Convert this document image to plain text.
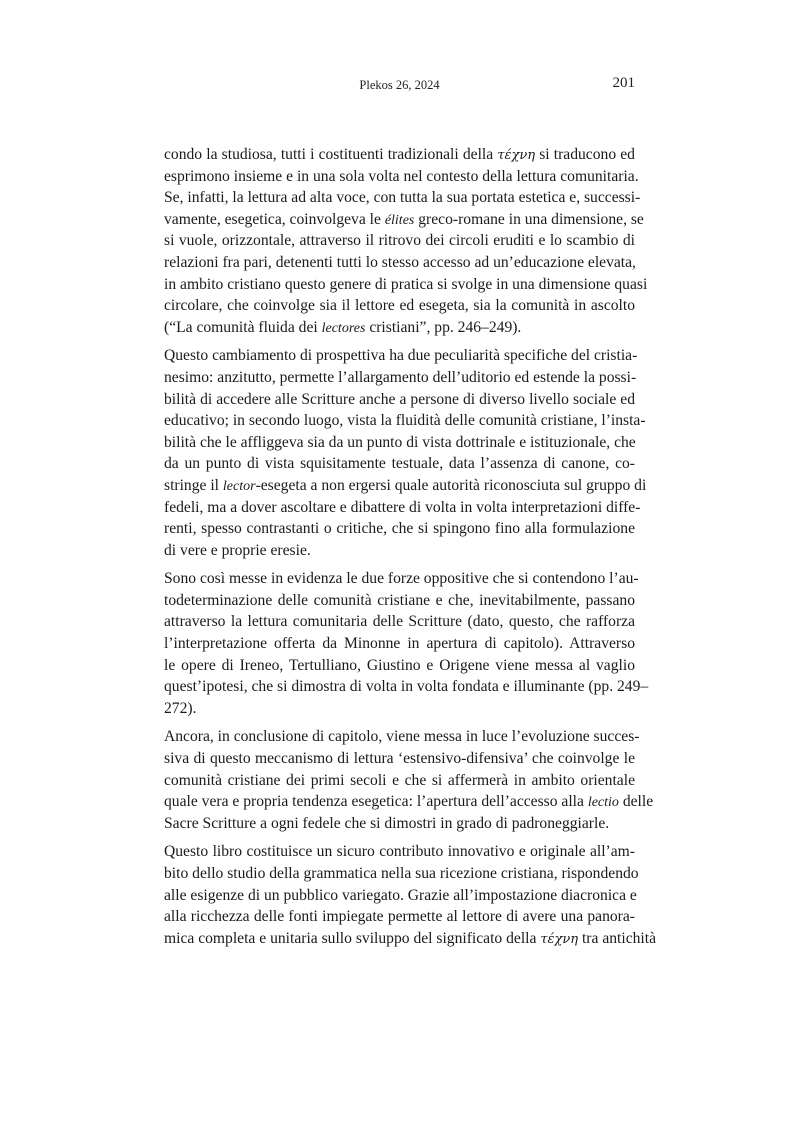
Plekos 26, 2024	201
condo la studiosa, tutti i costituenti tradizionali della τέχνη si traducono ed
esprimono insieme e in una sola volta nel contesto della lettura comunitaria.
Se, infatti, la lettura ad alta voce, con tutta la sua portata estetica e, successi-
vamente, esegetica, coinvolgeva le élites greco-romane in una dimensione, se
si vuole, orizzontale, attraverso il ritrovo dei circoli eruditi e lo scambio di
relazioni fra pari, detenenti tutti lo stesso accesso ad un’educazione elevata,
in ambito cristiano questo genere di pratica si svolge in una dimensione quasi
circolare, che coinvolge sia il lettore ed esegeta, sia la comunità in ascolto
(“La comunità fluida dei lectores cristiani”, pp. 246–249).
Questo cambiamento di prospettiva ha due peculiarità specifiche del cristia-
nesimo: anzitutto, permette l’allargamento dell’uditorio ed estende la possi-
bilità di accedere alle Scritture anche a persone di diverso livello sociale ed
educativo; in secondo luogo, vista la fluidità delle comunità cristiane, l’insta-
bilità che le affliggeva sia da un punto di vista dottrinale e istituzionale, che
da un punto di vista squisitamente testuale, data l’assenza di canone, co-
stringe il lector-esegeta a non ergersi quale autorità riconosciuta sul gruppo di
fedeli, ma a dover ascoltare e dibattere di volta in volta interpretazioni diffe-
renti, spesso contrastanti o critiche, che si spingono fino alla formulazione
di vere e proprie eresie.
Sono così messe in evidenza le due forze oppositive che si contendono l’au-
todeterminazione delle comunità cristiane e che, inevitabilmente, passano
attraverso la lettura comunitaria delle Scritture (dato, questo, che rafforza
l’interpretazione offerta da Minonne in apertura di capitolo). Attraverso
le opere di Ireneo, Tertulliano, Giustino e Origene viene messa al vaglio
quest’ipotesi, che si dimostra di volta in volta fondata e illuminante (pp. 249–
272).
Ancora, in conclusione di capitolo, viene messa in luce l’evoluzione succes-
siva di questo meccanismo di lettura ‘estensivo-difensiva’ che coinvolge le
comunità cristiane dei primi secoli e che si affermerà in ambito orientale
quale vera e propria tendenza esegetica: l’apertura dell’accesso alla lectio delle
Sacre Scritture a ogni fedele che si dimostri in grado di padroneggiarle.
Questo libro costituisce un sicuro contributo innovativo e originale all’am-
bito dello studio della grammatica nella sua ricezione cristiana, rispondendo
alle esigenze di un pubblico variegato. Grazie all’impostazione diacronica e
alla ricchezza delle fonti impiegate permette al lettore di avere una panora-
mica completa e unitaria sullo sviluppo del significato della τέχνη tra antichità
